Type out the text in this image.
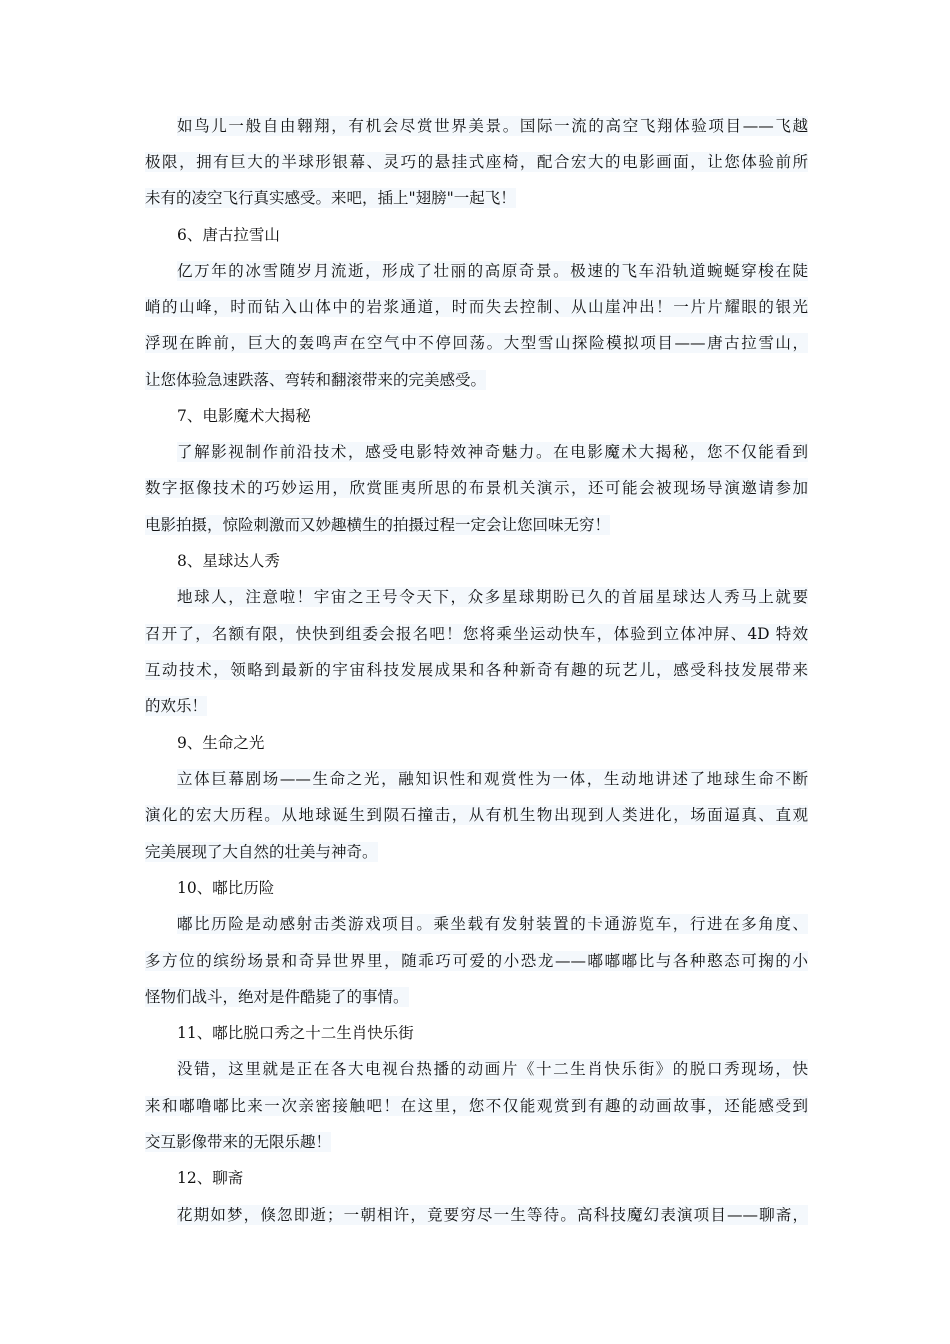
如鸟儿一般自由翱翔，有机会尽赏世界美景。国际一流的高空飞翔体验项目——飞越
极限，拥有巨大的半球形银幕、灵巧的悬挂式座椅，配合宏大的电影画面，让您体验前所
未有的凌空飞行真实感受。来吧，插上"翅膀"一起飞！
6、唐古拉雪山
亿万年的冰雪随岁月流逝，形成了壮丽的高原奇景。极速的飞车沿轨道蜿蜒穿梭在陡
峭的山峰，时而钻入山体中的岩浆通道，时而失去控制、从山崖冲出！一片片耀眼的银光
浮现在眸前，巨大的轰鸣声在空气中不停回荡。大型雪山探险模拟项目——唐古拉雪山，
让您体验急速跌落、弯转和翻滚带来的完美感受。
7、电影魔术大揭秘
了解影视制作前沿技术，感受电影特效神奇魅力。在电影魔术大揭秘，您不仅能看到
数字抠像技术的巧妙运用，欣赏匪夷所思的布景机关演示，还可能会被现场导演邀请参加
电影拍摄，惊险刺激而又妙趣横生的拍摄过程一定会让您回味无穷！
8、星球达人秀
地球人，注意啦！宇宙之王号令天下，众多星球期盼已久的首届星球达人秀马上就要
召开了，名额有限，快快到组委会报名吧！您将乘坐运动快车，体验到立体冲屏、4D 特效
互动技术，领略到最新的宇宙科技发展成果和各种新奇有趣的玩艺儿，感受科技发展带来
的欢乐！
9、生命之光
立体巨幕剧场——生命之光，融知识性和观赏性为一体，生动地讲述了地球生命不断
演化的宏大历程。从地球诞生到陨石撞击，从有机生物出现到人类进化，场面逼真、直观
完美展现了大自然的壮美与神奇。
10、嘟比历险
嘟比历险是动感射击类游戏项目。乘坐载有发射装置的卡通游览车，行进在多角度、
多方位的缤纷场景和奇异世界里，随乖巧可爱的小恐龙——嘟嘟嘟比与各种憨态可掬的小
怪物们战斗，绝对是件酷毙了的事情。
11、嘟比脱口秀之十二生肖快乐街
没错，这里就是正在各大电视台热播的动画片《十二生肖快乐街》的脱口秀现场，快
来和嘟噜嘟比来一次亲密接触吧！在这里，您不仅能观赏到有趣的动画故事，还能感受到
交互影像带来的无限乐趣！
12、聊斋
花期如梦，倏忽即逝；一朝相许，竟要穷尽一生等待。高科技魔幻表演项目——聊斋，
